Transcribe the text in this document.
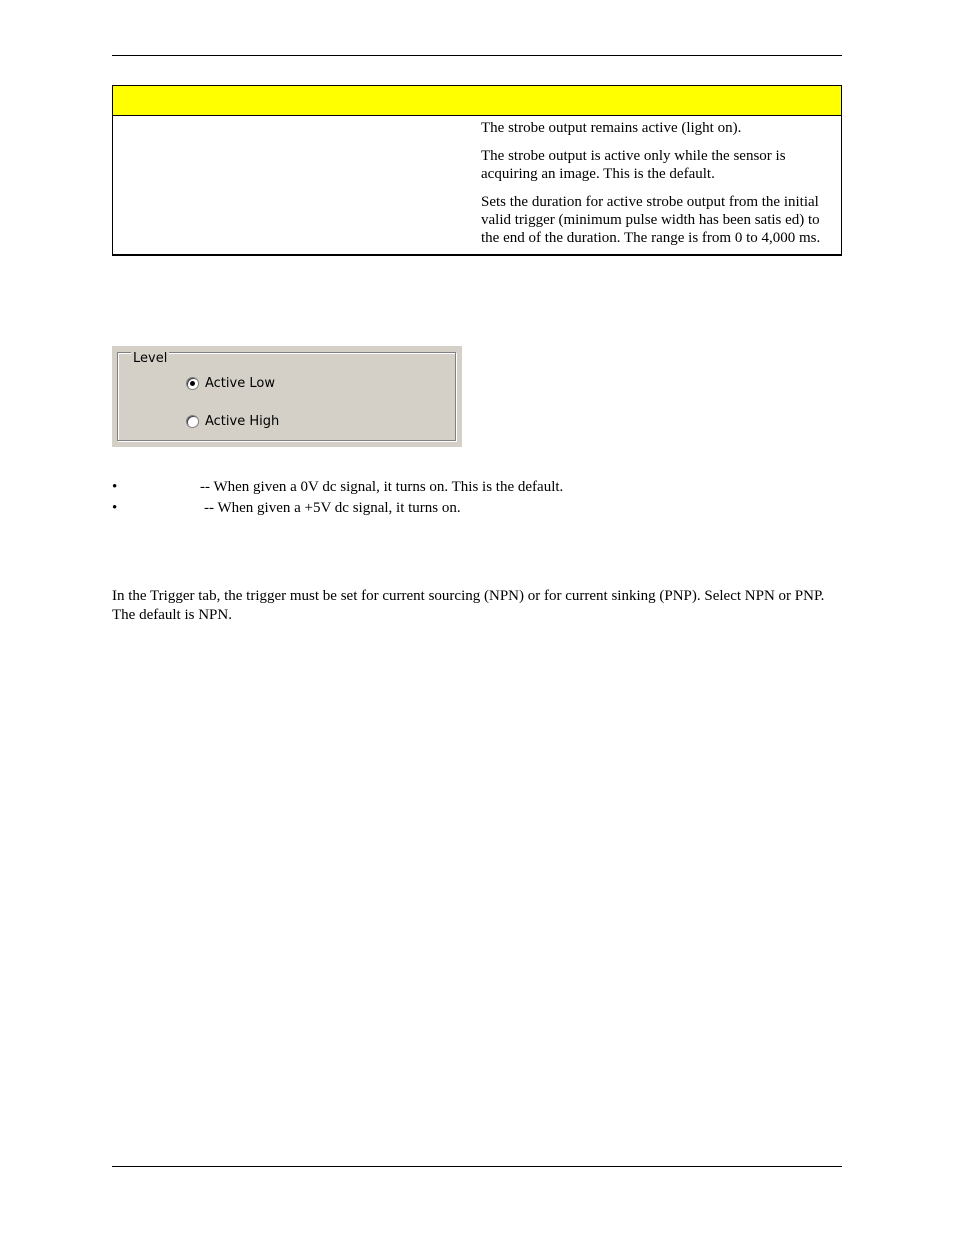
The strobe output remains active (light on).
The strobe output is active only while the sensor is acquiring an image. This is the default.
Sets the duration for active strobe output from the initial valid trigger (minimum pulse width has been satis ed) to the end of the duration. The range is from 0 to 4,000 ms.
Level
Active Low
Active High
•	-- When given a 0V dc signal, it turns on. This is the default.
•	-- When given a +5V dc signal, it turns on.
In the Trigger tab, the trigger must be set for current sourcing (NPN) or for current sinking (PNP). Select NPN or PNP.
The default is NPN.
